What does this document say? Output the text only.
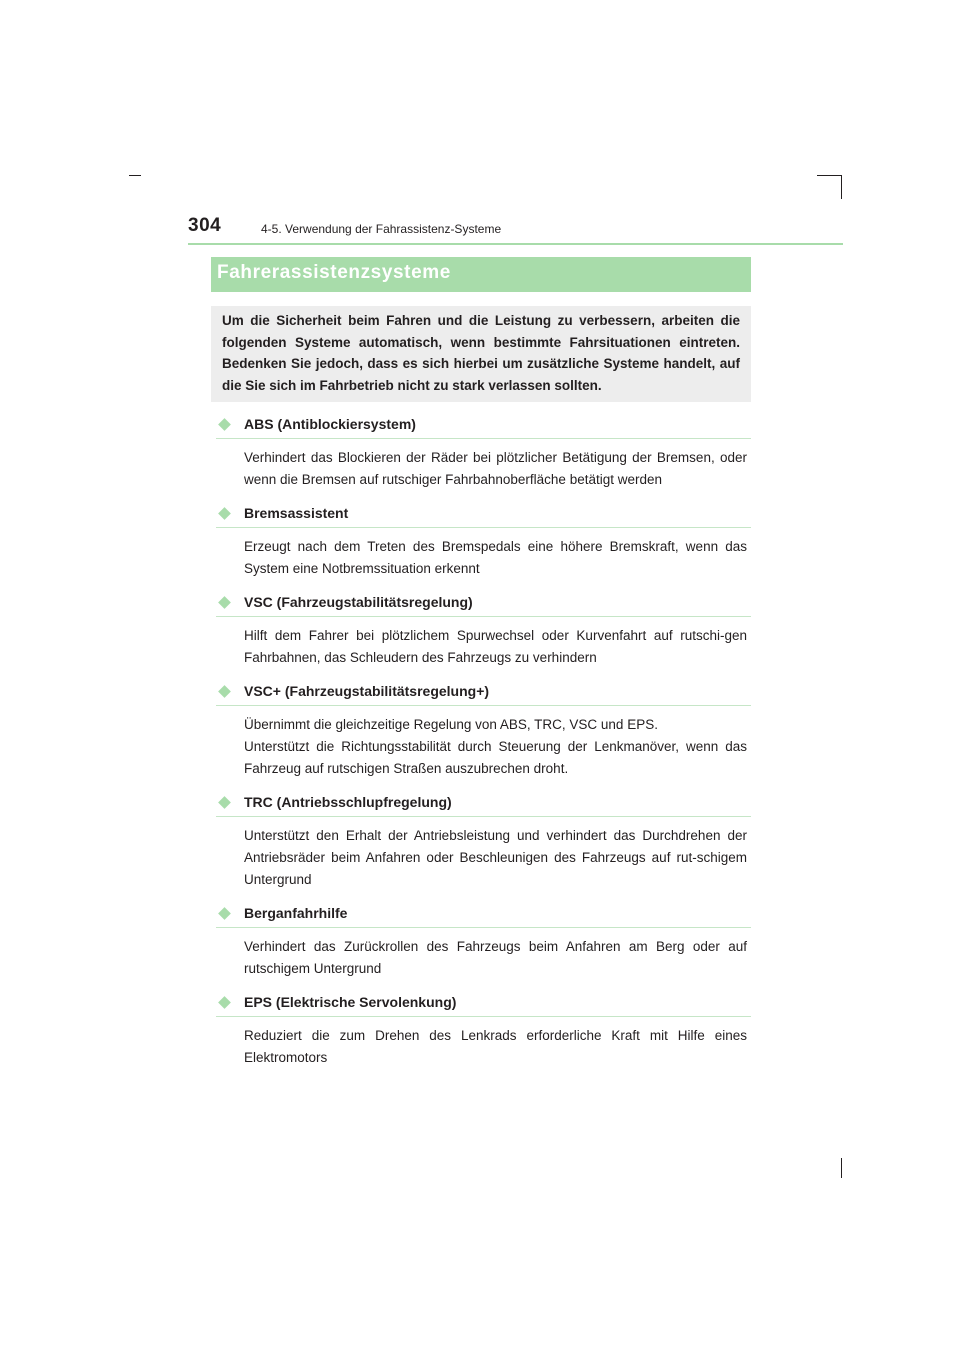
304	4-5. Verwendung der Fahrassistenz-Systeme
Fahrerassistenzsysteme
Um die Sicherheit beim Fahren und die Leistung zu verbessern, arbeiten die folgenden Systeme automatisch, wenn bestimmte Fahrsituationen eintreten. Bedenken Sie jedoch, dass es sich hierbei um zusätzliche Systeme handelt, auf die Sie sich im Fahrbetrieb nicht zu stark verlassen sollten.
ABS (Antiblockiersystem)

Verhindert das Blockieren der Räder bei plötzlicher Betätigung der Bremsen, oder wenn die Bremsen auf rutschiger Fahrbahnoberfläche betätigt werden

Bremsassistent

Erzeugt nach dem Treten des Bremspedals eine höhere Bremskraft, wenn das System eine Notbremssituation erkennt

VSC (Fahrzeugstabilitätsregelung)

Hilft dem Fahrer bei plötzlichem Spurwechsel oder Kurvenfahrt auf rutschi-gen Fahrbahnen, das Schleudern des Fahrzeugs zu verhindern

VSC+ (Fahrzeugstabilitätsregelung+)

Übernimmt die gleichzeitige Regelung von ABS, TRC, VSC und EPS.

Unterstützt die Richtungsstabilität durch Steuerung der Lenkmanöver, wenn das Fahrzeug auf rutschigen Straßen auszubrechen droht.

TRC (Antriebsschlupfregelung)

Unterstützt den Erhalt der Antriebsleistung und verhindert das Durchdrehen der Antriebsräder beim Anfahren oder Beschleunigen des Fahrzeugs auf rut-schigem Untergrund

Berganfahrhilfe

Verhindert das Zurückrollen des Fahrzeugs beim Anfahren am Berg oder auf rutschigem Untergrund

EPS (Elektrische Servolenkung)

Reduziert die zum Drehen des Lenkrads erforderliche Kraft mit Hilfe eines Elektromotors
